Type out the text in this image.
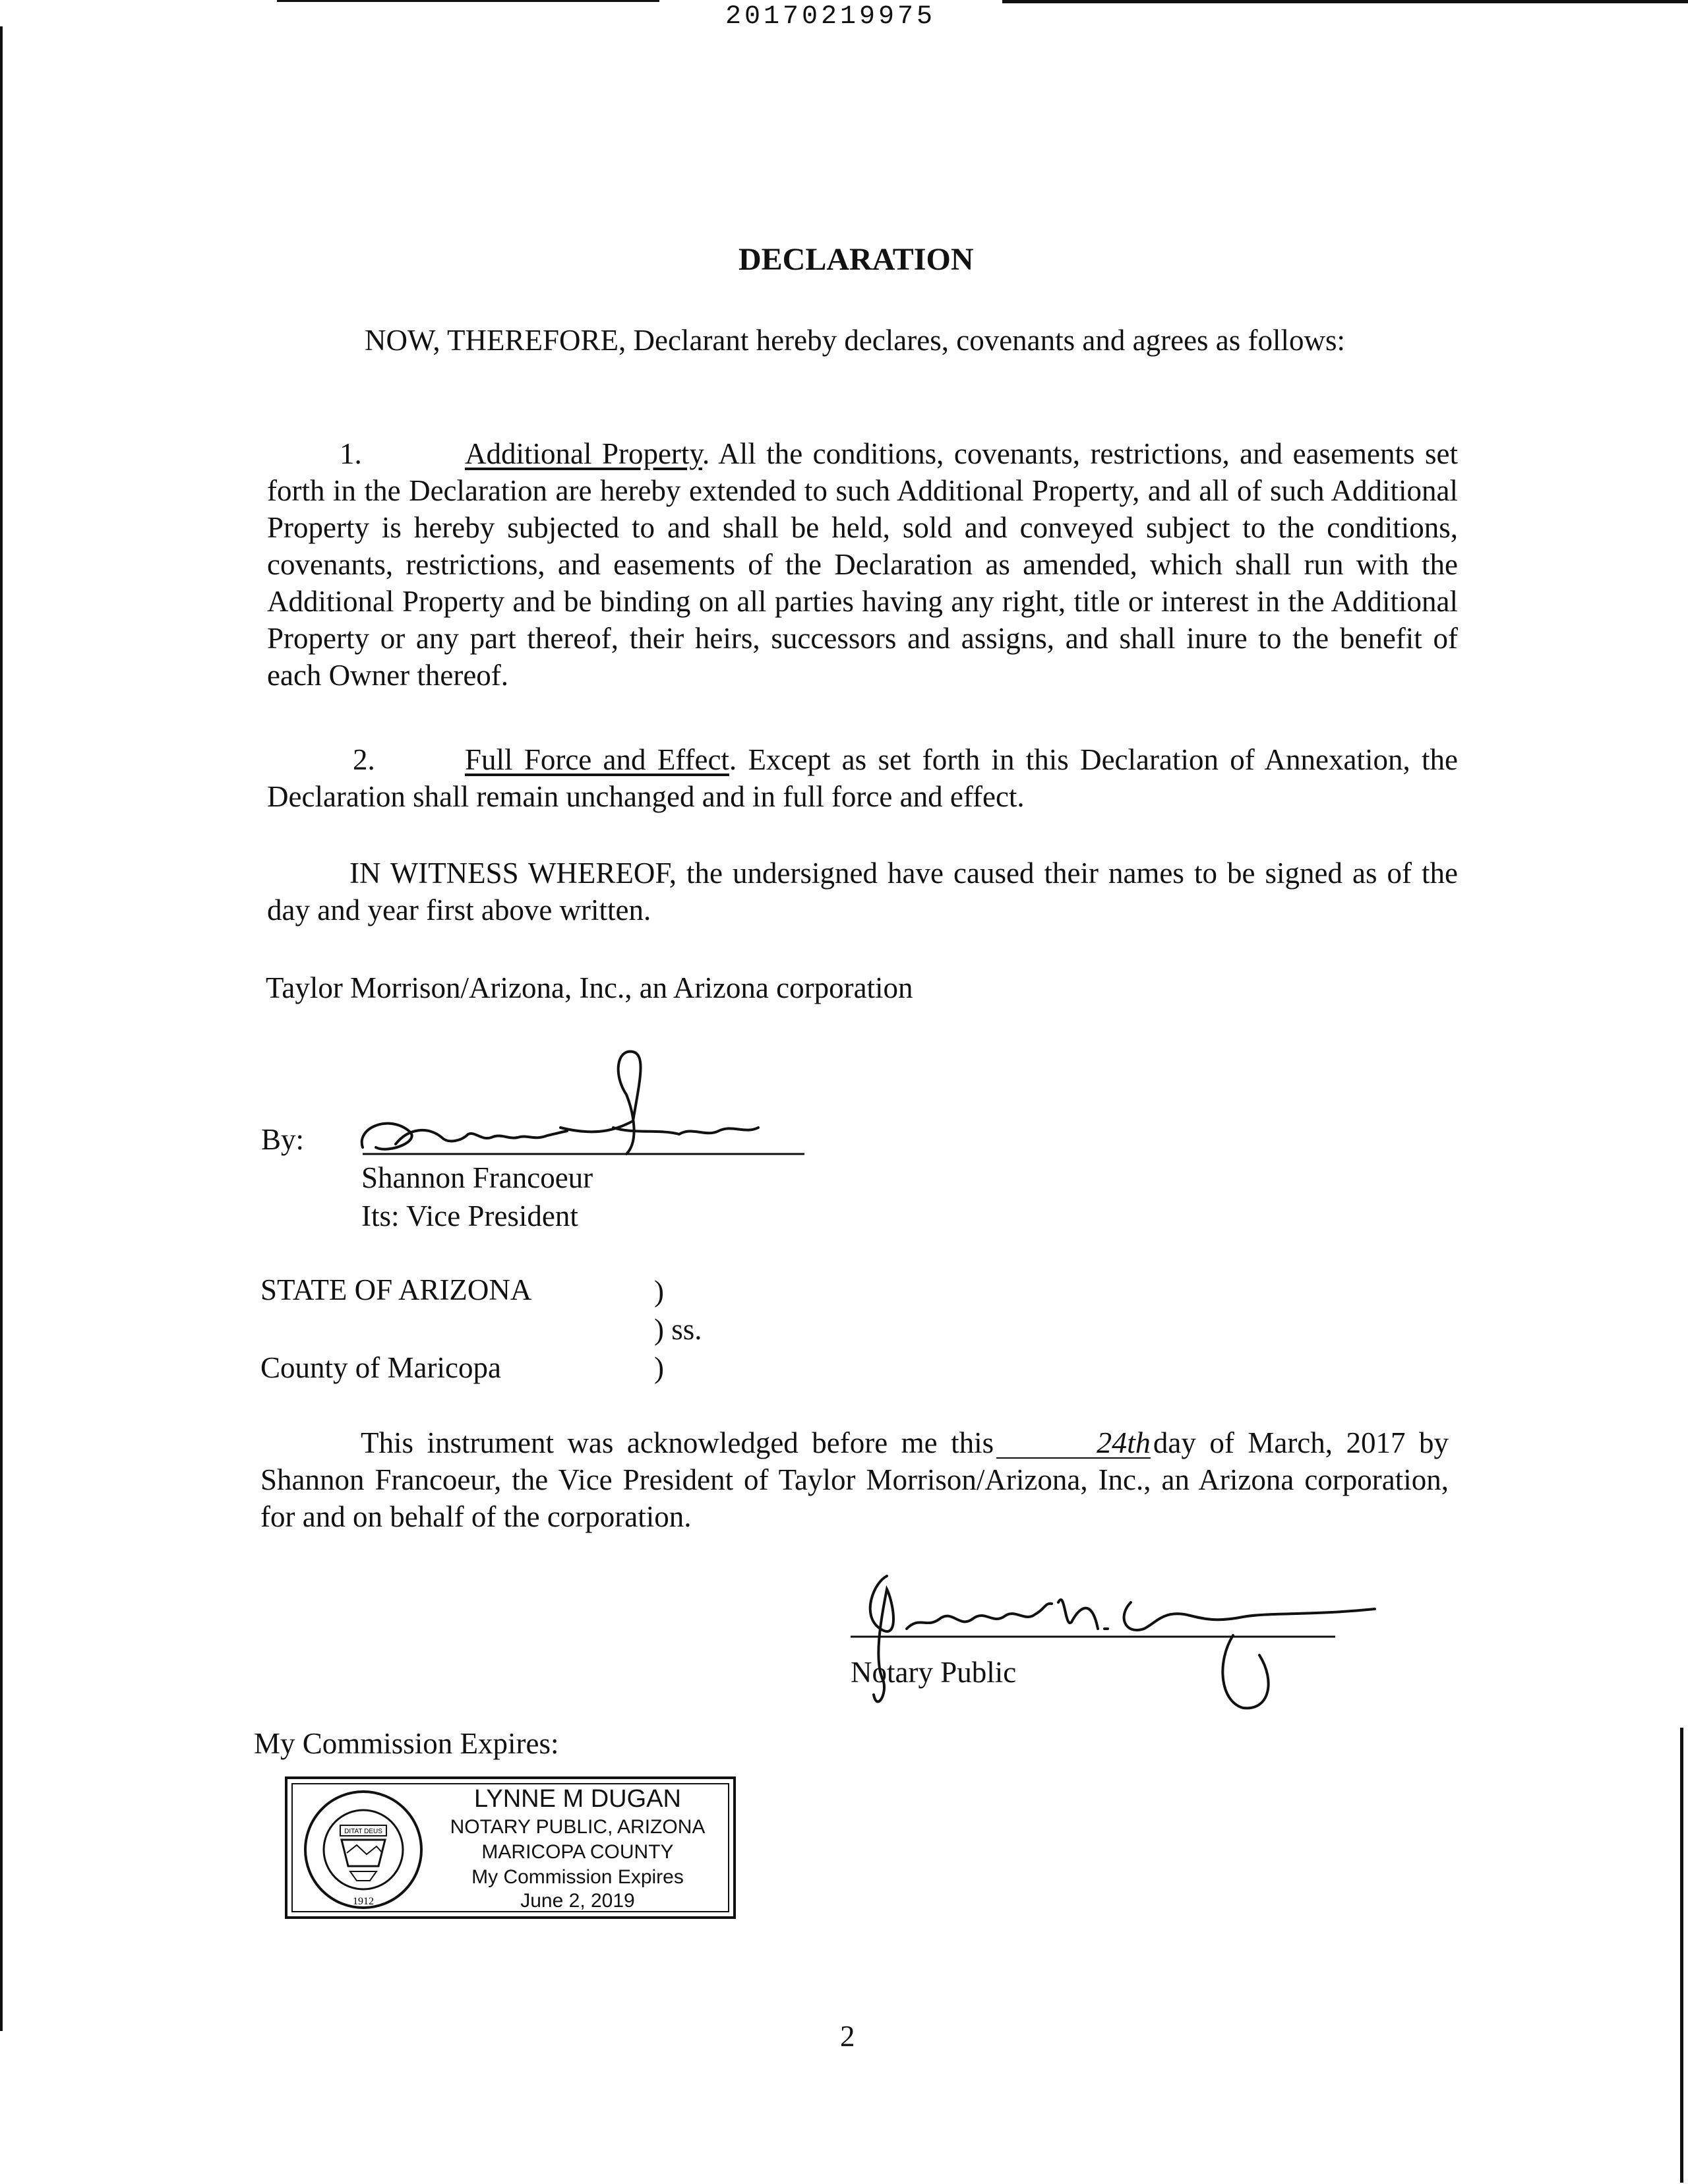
20170219975
DECLARATION
NOW, THEREFORE, Declarant hereby declares, covenants and agrees as follows:
1.	Additional Property. All the conditions, covenants, restrictions, and easements set forth in the Declaration are hereby extended to such Additional Property, and all of such Additional Property is hereby subjected to and shall be held, sold and conveyed subject to the conditions, covenants, restrictions, and easements of the Declaration as amended, which shall run with the Additional Property and be binding on all parties having any right, title or interest in the Additional Property or any part thereof, their heirs, successors and assigns, and shall inure to the benefit of each Owner thereof.
2.	Full Force and Effect. Except as set forth in this Declaration of Annexation, the Declaration shall remain unchanged and in full force and effect.
IN WITNESS WHEREOF, the undersigned have caused their names to be signed as of the day and year first above written.
Taylor Morrison/Arizona, Inc., an Arizona corporation
By:
Shannon Francoeur
Its: Vice President
STATE OF ARIZONA	)
) ss.
County of Maricopa	)
This instrument was acknowledged before me this	24thday of March, 2017 by Shannon Francoeur, the Vice President of Taylor Morrison/Arizona, Inc., an Arizona corporation, for and on behalf of the corporation.
Notary Public
My Commission Expires:
DITAT DEUS
1912
LYNNE M DUGAN
NOTARY PUBLIC, ARIZONA
MARICOPA COUNTY
My Commission Expires
June 2, 2019
2
